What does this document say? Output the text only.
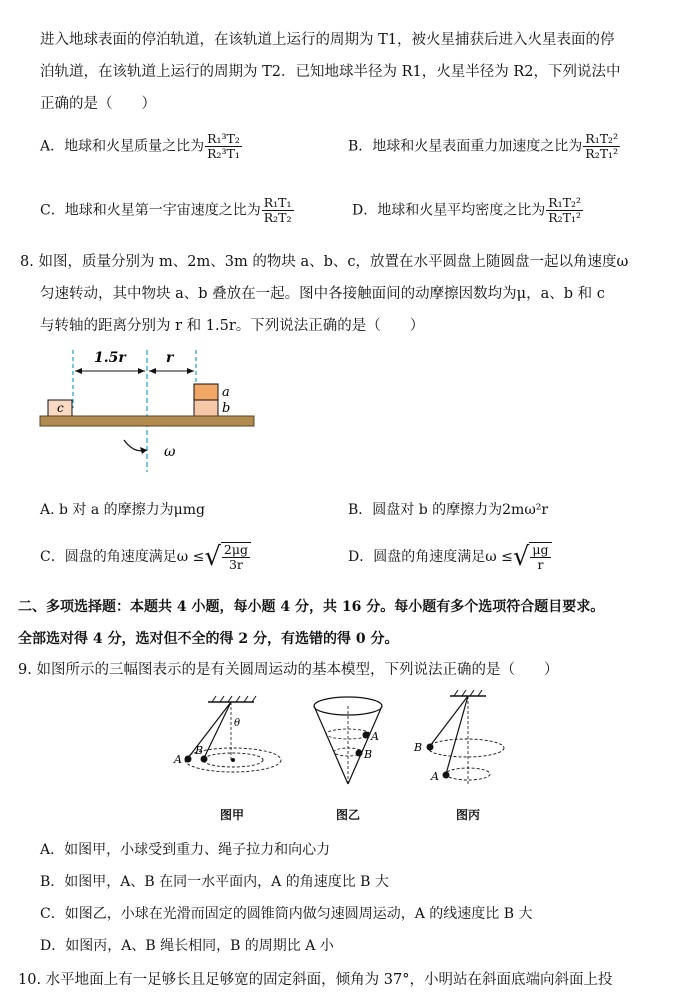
进入地球表面的停泊轨道，在该轨道上运行的周期为 T1，被火星捕获后进入火星表面的停
泊轨道，在该轨道上运行的周期为 T2．已知地球半径为 R1，火星半径为 R2，下列说法中
正确的是（　　）
A．地球和火星质量之比为 $\frac{\text{R₁³T₂}}{\text{R₂³T₁}}$	B．地球和火星表面重力加速度之比为 $\frac{\text{R₁T₂²}}{\text{R₂T₁²}}$
C．地球和火星第一宇宙速度之比为 $\frac{\text{R₁T₁}}{\text{R₂T₂}}$	D．地球和火星平均密度之比为 $\frac{\text{R₁T₂²}}{\text{R₂T₁²}}$
8. 如图，质量分别为 m、2m、3m 的物块 a、b、c，放置在水平圆盘上随圆盘一起以角速度ω
匀速转动，其中物块 a、b 叠放在一起。图中各接触面间的动摩擦因数均为μ，a、b 和 c
与转轴的距离分别为 r 和 1.5r。下列说法正确的是（　　）
1.5r	r
c
a
b
ω
A. b 对 a 的摩擦力为μmg	B．圆盘对 b 的摩擦力为2mω²r
C．圆盘的角速度满足ω ≤√ $\frac{2\mu g}{3r}$	D．圆盘的角速度满足ω ≤√ $\frac{\mu g}{r}$
二、多项选择题：本题共 4 小题，每小题 4 分，共 16 分。每小题有多个选项符合题目要求。
全部选对得 4 分，选对但不全的得 2 分，有选错的得 0 分。
9. 如图所示的三幅图表示的是有关圆周运动的基本模型，下列说法正确的是（　　）
θ
A
B
A
B
B
A
图甲	图乙	图丙
A．如图甲，小球受到重力、绳子拉力和向心力
B．如图甲，A、B 在同一水平面内，A 的角速度比 B 大
C．如图乙，小球在光滑而固定的圆锥筒内做匀速圆周运动，A 的线速度比 B 大
D．如图丙，A、B 绳长相同，B 的周期比 A 小
10. 水平地面上有一足够长且足够宽的固定斜面，倾角为 37°，小明站在斜面底端向斜面上投
